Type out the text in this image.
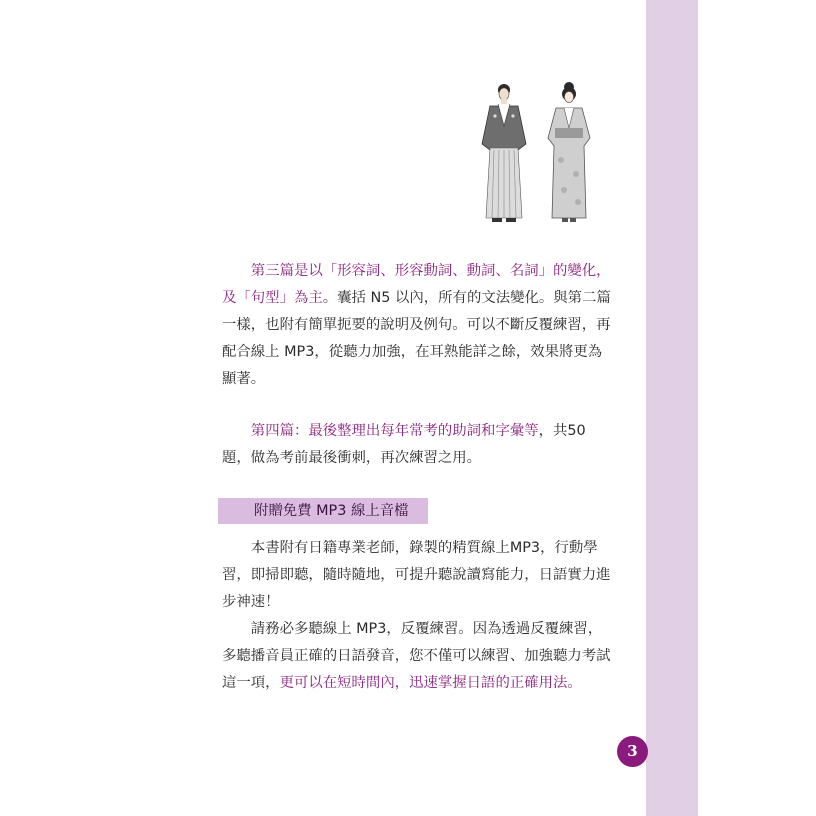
第三篇是以「形容詞、形容動詞、動詞、名詞」的變化，及「句型」為主。囊括 N5 以內，所有的文法變化。與第二篇一樣，也附有簡單扼要的說明及例句。可以不斷反覆練習，再配合線上 MP3，從聽力加強，在耳熟能詳之餘，效果將更為顯著。

第四篇：最後整理出每年常考的助詞和字彙等，共50題，做為考前最後衝刺，再次練習之用。

附贈免費 MP3 線上音檔

本書附有日籍專業老師，錄製的精質線上MP3，行動學習，即掃即聽，隨時隨地，可提升聽說讀寫能力，日語實力進步神速！

請務必多聽線上 MP3，反覆練習。因為透過反覆練習，多聽播音員正確的日語發音，您不僅可以練習、加強聽力考試這一項，更可以在短時間內，迅速掌握日語的正確用法。

3
